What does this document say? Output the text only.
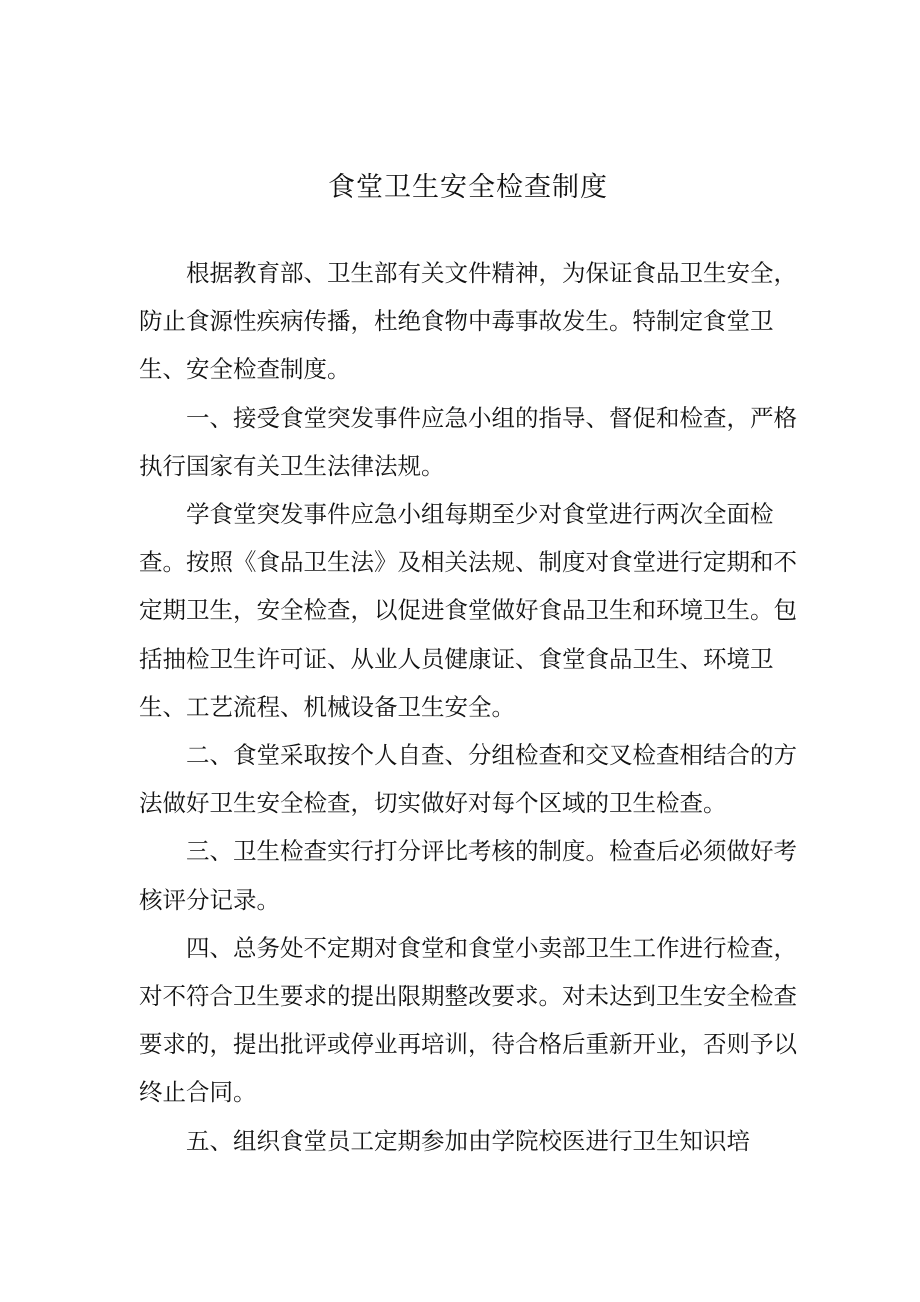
食堂卫生安全检查制度

根据教育部、卫生部有关文件精神，为保证食品卫生安全，防止食源性疾病传播，杜绝食物中毒事故发生。特制定食堂卫生、安全检查制度。

一、接受食堂突发事件应急小组的指导、督促和检查，严格执行国家有关卫生法律法规。

学食堂突发事件应急小组每期至少对食堂进行两次全面检查。按照《食品卫生法》及相关法规、制度对食堂进行定期和不定期卫生，安全检查，以促进食堂做好食品卫生和环境卫生。包括抽检卫生许可证、从业人员健康证、食堂食品卫生、环境卫生、工艺流程、机械设备卫生安全。

二、食堂采取按个人自查、分组检查和交叉检查相结合的方法做好卫生安全检查，切实做好对每个区域的卫生检查。

三、卫生检查实行打分评比考核的制度。检查后必须做好考核评分记录。

四、总务处不定期对食堂和食堂小卖部卫生工作进行检查，对不符合卫生要求的提出限期整改要求。对未达到卫生安全检查要求的，提出批评或停业再培训，待合格后重新开业，否则予以终止合同。

五、组织食堂员工定期参加由学院校医进行卫生知识培
